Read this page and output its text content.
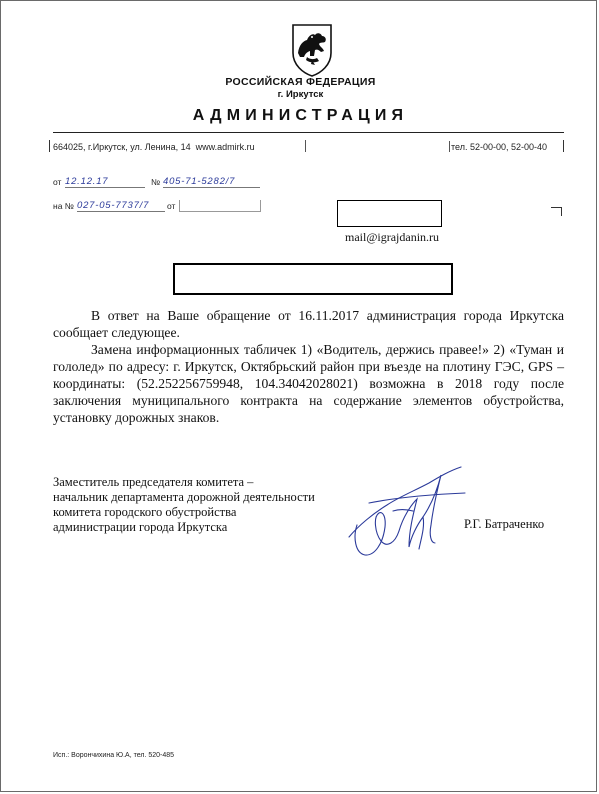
РОССИЙСКАЯ ФЕДЕРАЦИЯ
г. Иркутск
АДМИНИСТРАЦИЯ
664025, г.Иркутск, ул. Ленина, 14  www.admirk.ru	тел. 52-00-00, 52-00-40
от 12.12.17	№ 405-71-5282/7
на № 027-05-7737/7	от
mail@igrajdanin.ru
В ответ на Ваше обращение от 16.11.2017 администрация города Иркутска сообщает следующее.
Замена информационных табличек 1) «Водитель, держись правее!» 2) «Туман и гололед» по адресу: г. Иркутск, Октябрьский район при въезде на плотину ГЭС, GPS – координаты: (52.252256759948, 104.34042028021) возможна в 2018 году после заключения муниципального контракта на содержание элементов обустройства, установку дорожных знаков.
Заместитель председателя комитета –
начальник департамента дорожной деятельности
комитета городского обустройства
администрации города Иркутска	Р.Г. Батраченко
Исп.: Ворончихина Ю.А, тел. 520-485
